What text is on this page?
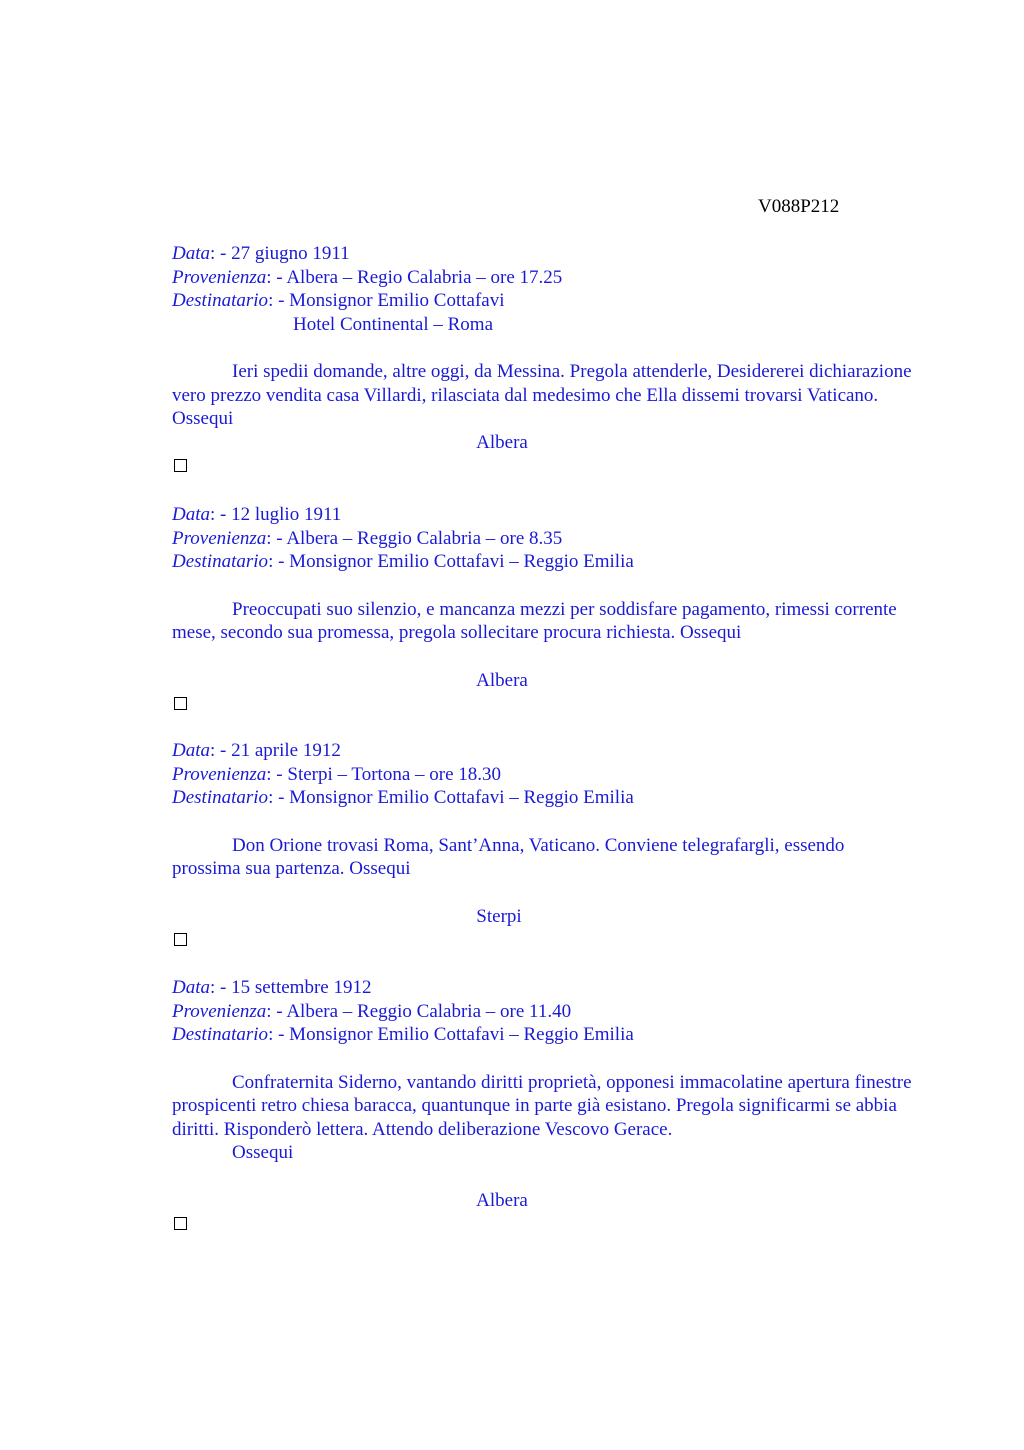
V088P212
Data: - 27 giugno 1911
Provenienza: - Albera – Regio Calabria – ore 17.25
Destinatario: - Monsignor Emilio Cottafavi
Hotel Continental – Roma

Ieri spedii domande, altre oggi, da Messina. Pregola attenderle, Desidererei dichiarazione vero prezzo vendita casa Villardi, rilasciata dal medesimo che Ella dissemi trovarsi Vaticano. Ossequi

Albera
Data: - 12 luglio 1911
Provenienza: - Albera – Reggio Calabria – ore 8.35
Destinatario: - Monsignor Emilio Cottafavi – Reggio Emilia

Preoccupati suo silenzio, e mancanza mezzi per soddisfare pagamento, rimessi corrente mese, secondo sua promessa, pregola sollecitare procura richiesta. Ossequi

Albera
Data: - 21 aprile 1912
Provenienza: - Sterpi – Tortona – ore 18.30
Destinatario: - Monsignor Emilio Cottafavi – Reggio Emilia

Don Orione trovasi Roma, Sant’Anna, Vaticano. Conviene telegrafargli, essendo prossima sua partenza. Ossequi

Sterpi
Data: - 15 settembre 1912
Provenienza: - Albera – Reggio Calabria – ore 11.40
Destinatario: - Monsignor Emilio Cottafavi – Reggio Emilia

Confraternita Siderno, vantando diritti proprietà, opponesi immacolatine apertura finestre prospicenti retro chiesa baracca, quantunque in parte già esistano. Pregola significarmi se abbia diritti. Risponderò lettera. Attendo deliberazione Vescovo Gerace.

Ossequi
Albera
